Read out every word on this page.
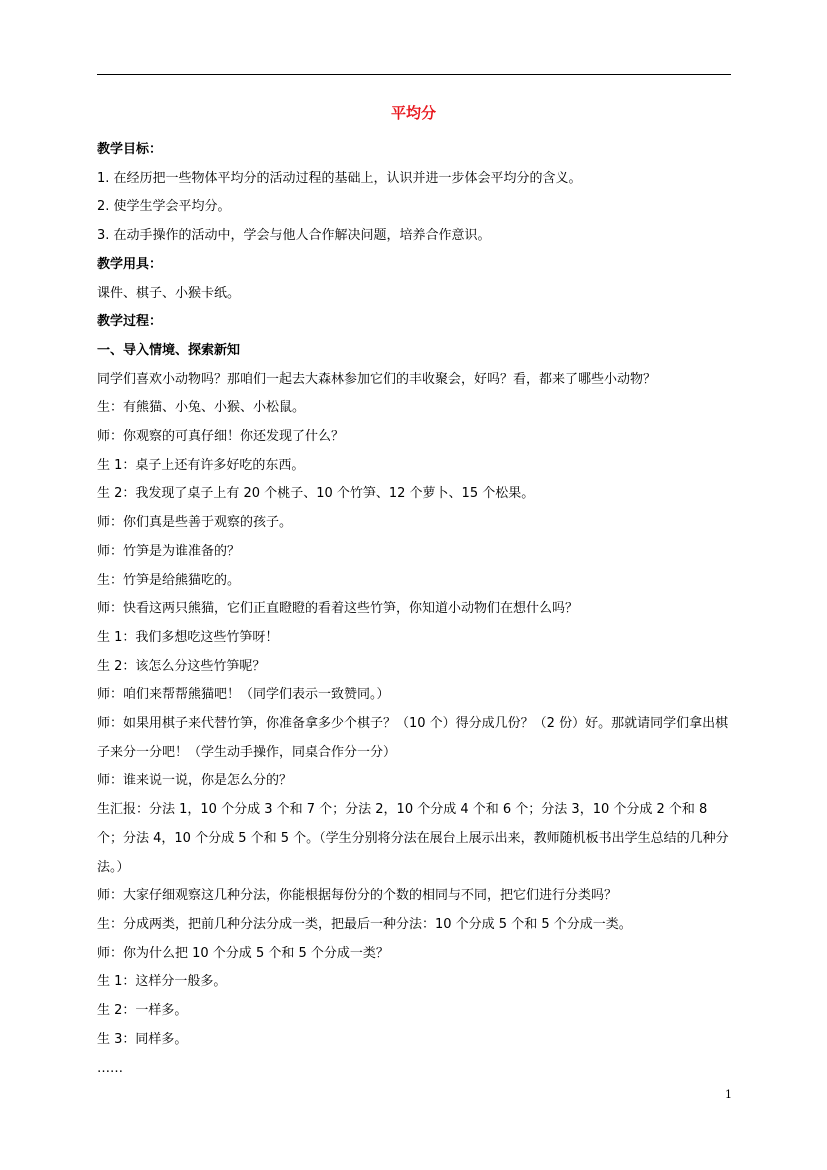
平均分

教学目标：

1. 在经历把一些物体平均分的活动过程的基础上，认识并进一步体会平均分的含义。

2. 使学生学会平均分。

3. 在动手操作的活动中，学会与他人合作解决问题，培养合作意识。

教学用具：

课件、棋子、小猴卡纸。

教学过程：

一、导入情境、探索新知

同学们喜欢小动物吗？那咱们一起去大森林参加它们的丰收聚会，好吗？看，都来了哪些小动物？

生：有熊猫、小兔、小猴、小松鼠。

师：你观察的可真仔细！你还发现了什么？

生 1：桌子上还有许多好吃的东西。

生 2：我发现了桌子上有 20 个桃子、10 个竹笋、12 个萝卜、15 个松果。

师：你们真是些善于观察的孩子。

师：竹笋是为谁准备的？

生：竹笋是给熊猫吃的。

师：快看这两只熊猫，它们正直瞪瞪的看着这些竹笋，你知道小动物们在想什么吗？

生 1：我们多想吃这些竹笋呀！

生 2：该怎么分这些竹笋呢？

师：咱们来帮帮熊猫吧！（同学们表示一致赞同。）

师：如果用棋子来代替竹笋，你准备拿多少个棋子？（10 个）得分成几份？（2 份）好。那就请同学们拿出棋子来分一分吧！（学生动手操作，同桌合作分一分）

师：谁来说一说，你是怎么分的？

生汇报：分法 1，10 个分成 3 个和 7 个；分法 2，10 个分成 4 个和 6 个；分法 3，10 个分成 2 个和 8 个；分法 4，10 个分成 5 个和 5 个。（学生分别将分法在展台上展示出来，教师随机板书出学生总结的几种分法。）

师：大家仔细观察这几种分法，你能根据每份分的个数的相同与不同，把它们进行分类吗？

生：分成两类，把前几种分法分成一类，把最后一种分法：10 个分成 5 个和 5 个分成一类。

师：你为什么把 10 个分成 5 个和 5 个分成一类？

生 1：这样分一般多。

生 2：一样多。

生 3：同样多。

……

1
